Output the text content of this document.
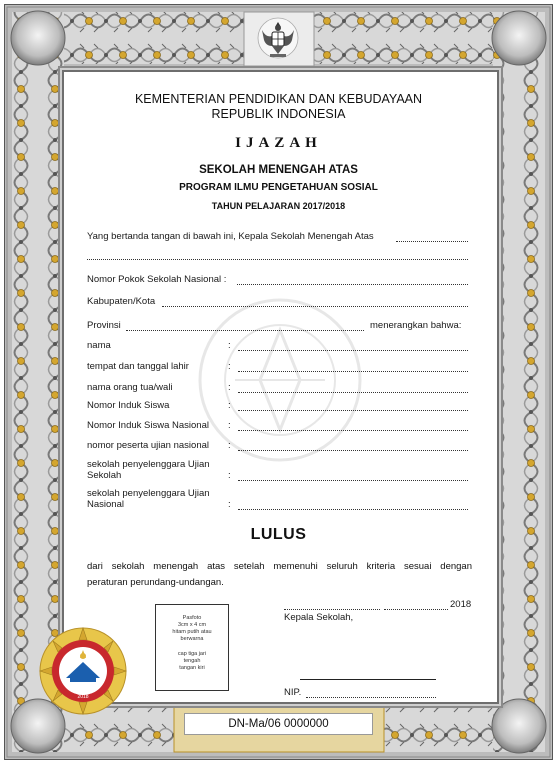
KEMENTERIAN PENDIDIKAN DAN KEBUDAYAAN
REPUBLIK INDONESIA
IJAZAH
SEKOLAH MENENGAH ATAS
PROGRAM ILMU PENGETAHUAN SOSIAL
TAHUN PELAJARAN 2017/2018
Yang bertanda tangan di bawah ini, Kepala Sekolah Menengah Atas
Nomor Pokok Sekolah Nasional :
Kabupaten/Kota
Provinsi	menerangkan bahwa:
nama	:
tempat dan tanggal lahir	:
nama orang tua/wali	:
Nomor Induk Siswa	:
Nomor Induk Siswa Nasional :
nomor peserta ujian nasional :
sekolah penyelenggara Ujian
Sekolah	:
sekolah penyelenggara Ujian
Nasional	:
LULUS
dari sekolah menengah atas setelah memenuhi seluruh kriteria sesuai dengan
peraturan perundang-undangan.
Pasfoto
3cm x 4 cm
hitam putih atau
berwarna
cap tiga jari
tengah
tangan kiri
2018
Kepala Sekolah,
NIP.
2018
DN-Ma/06 0000000
